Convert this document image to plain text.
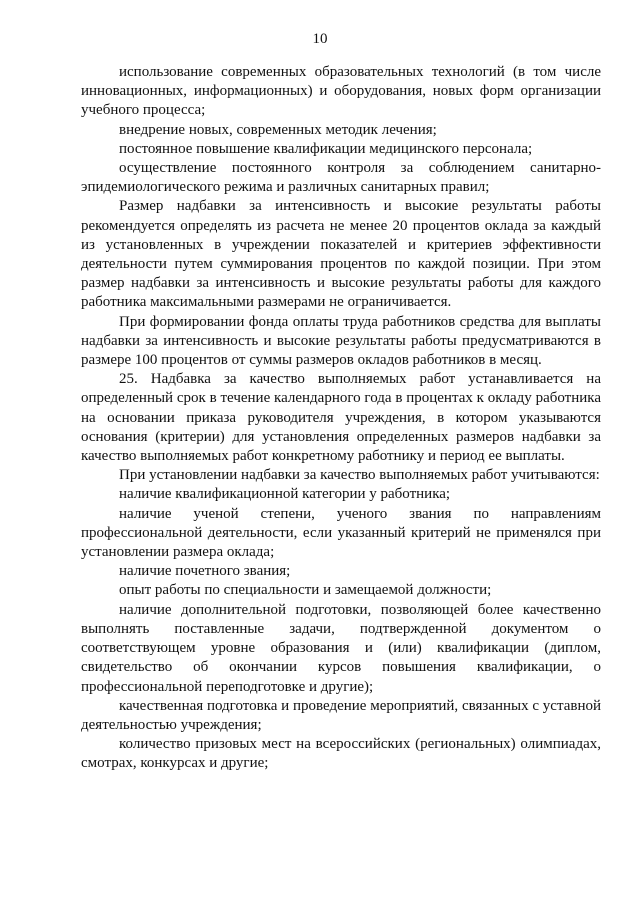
10

использование современных образовательных технологий (в том числе инновационных, информационных) и оборудования, новых форм организации учебного процесса;

внедрение новых, современных методик лечения;

постоянное повышение квалификации медицинского персонала;

осуществление постоянного контроля за соблюдением санитарно-эпидемиологического режима и различных санитарных правил;

Размер надбавки за интенсивность и высокие результаты работы рекомендуется определять из расчета не менее 20 процентов оклада за каждый из установленных в учреждении показателей и критериев эффективности деятельности путем суммирования процентов по каждой позиции. При этом размер надбавки за интенсивность и высокие результаты работы для каждого работника максимальными размерами не ограничивается.

При формировании фонда оплаты труда работников средства для выплаты надбавки за интенсивность и высокие результаты работы предусматриваются в размере 100 процентов от суммы размеров окладов работников в месяц.

25. Надбавка за качество выполняемых работ устанавливается на определенный срок в течение календарного года в процентах к окладу работника на основании приказа руководителя учреждения, в котором указываются основания (критерии) для установления определенных размеров надбавки за качество выполняемых работ конкретному работнику и период ее выплаты.

При установлении надбавки за качество выполняемых работ учитываются:

наличие квалификационной категории у работника;

наличие ученой степени, ученого звания по направлениям профессиональной деятельности, если указанный критерий не применялся при установлении размера оклада;

наличие почетного звания;

опыт работы по специальности и замещаемой должности;

наличие дополнительной подготовки, позволяющей более качественно выполнять поставленные задачи, подтвержденной документом о соответствующем уровне образования и (или) квалификации (диплом, свидетельство об окончании курсов повышения квалификации, о профессиональной переподготовке и другие);

качественная подготовка и проведение мероприятий, связанных с уставной деятельностью учреждения;

количество призовых мест на всероссийских (региональных) олимпиадах, смотрах, конкурсах и другие;
